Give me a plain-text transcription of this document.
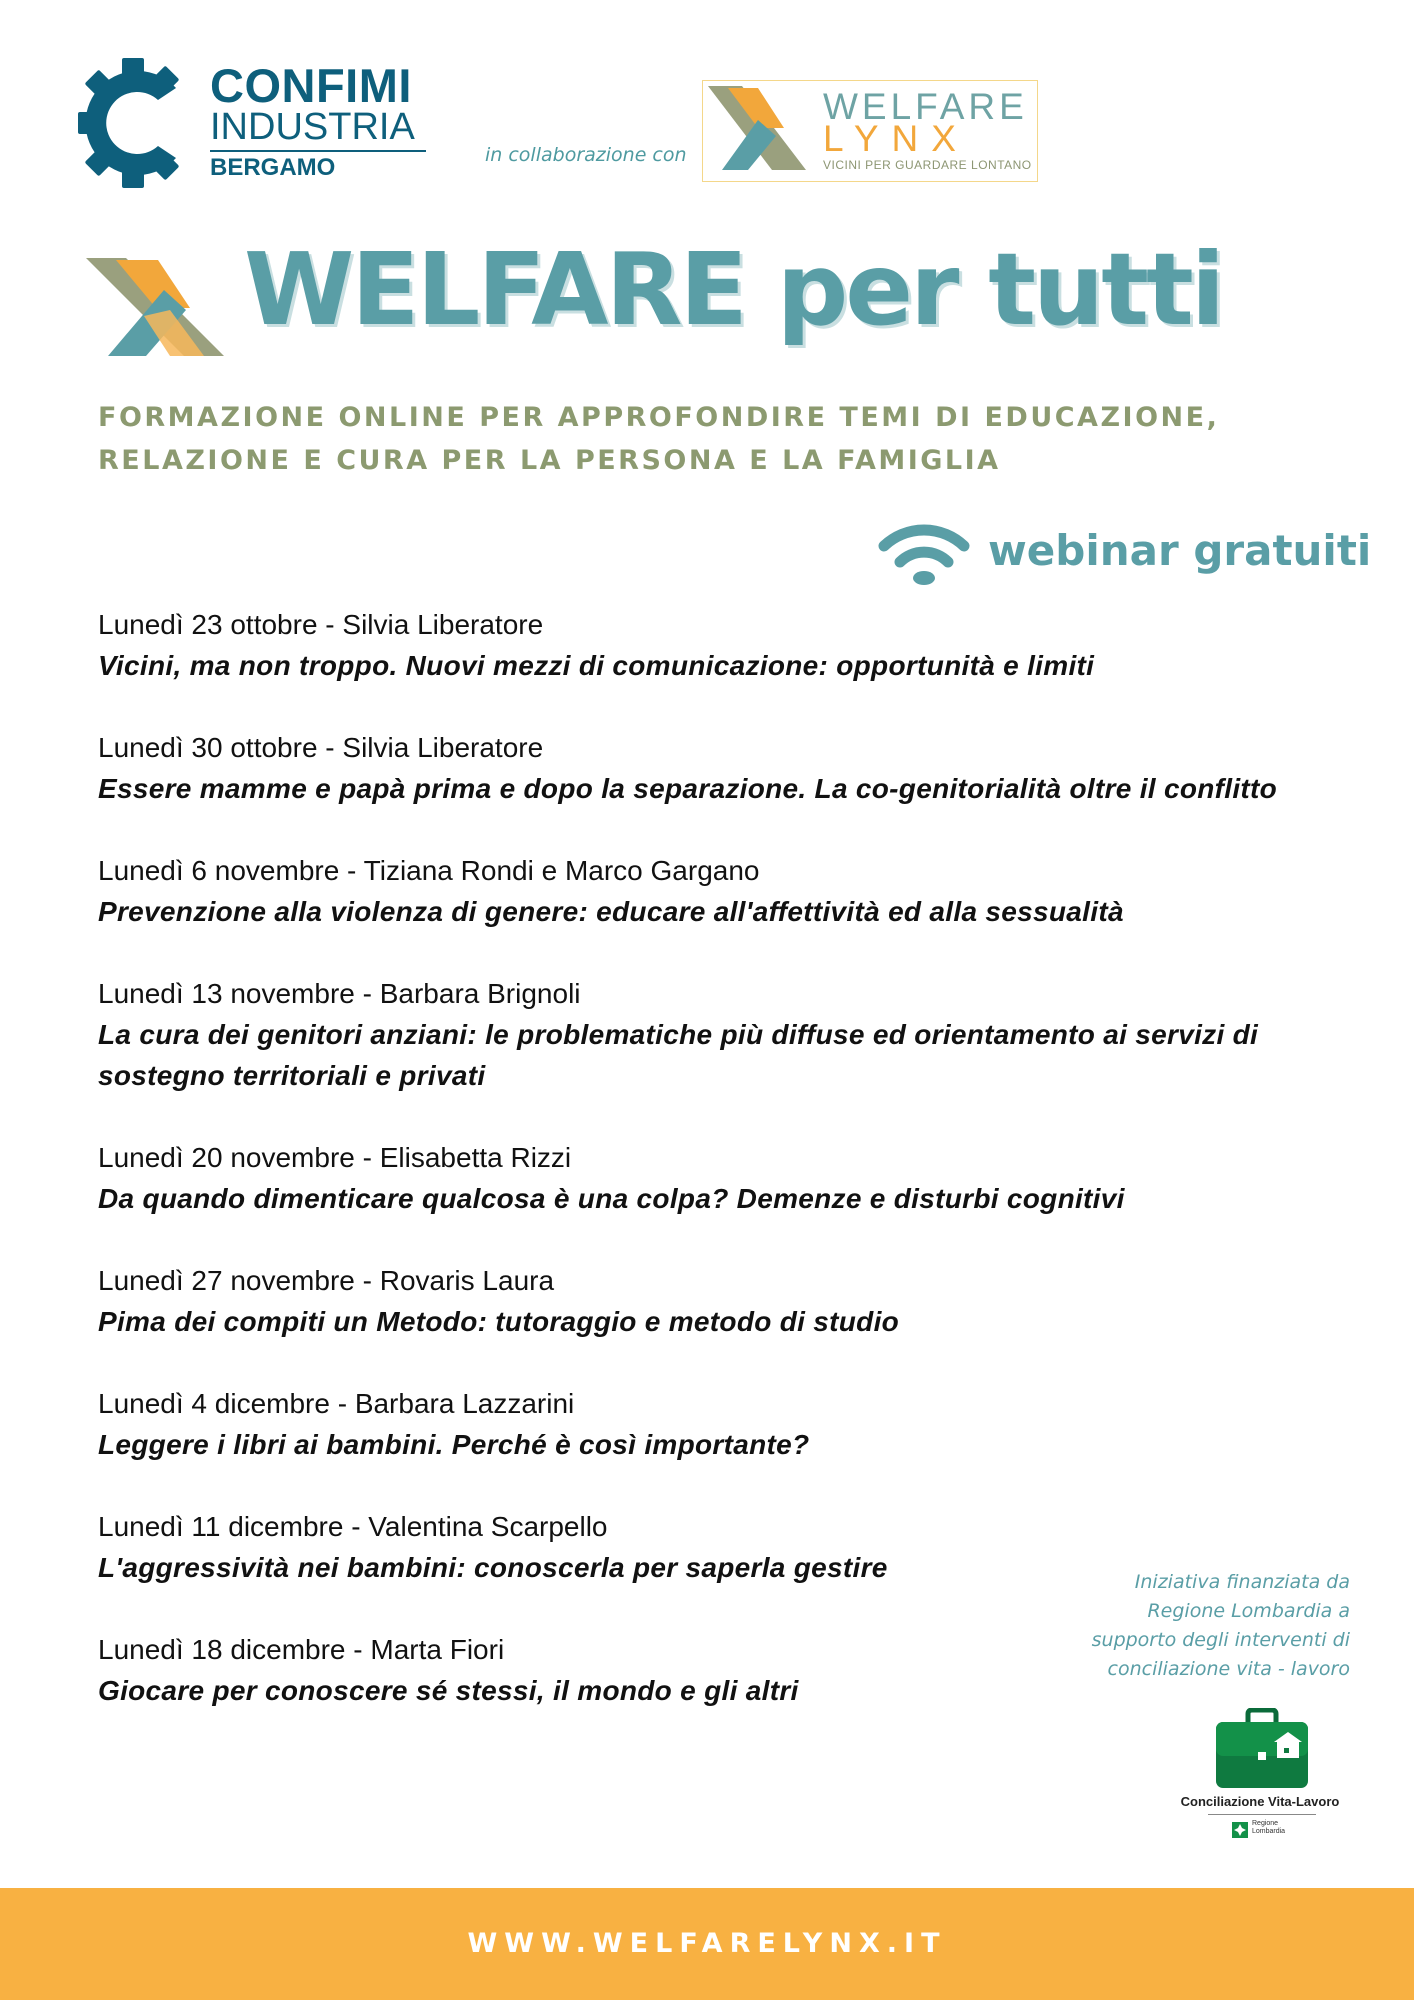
CONFIMI
INDUSTRIA
BERGAMO	in collaborazione con
WELFARE
LYNX
VICINI PER GUARDARE LONTANO
WELFARE per tutti
FORMAZIONE ONLINE PER APPROFONDIRE TEMI DI EDUCAZIONE,
RELAZIONE E CURA PER LA PERSONA E LA FAMIGLIA
webinar gratuiti
Lunedì 23 ottobre - Silvia Liberatore
Vicini, ma non troppo. Nuovi mezzi di comunicazione: opportunità e limiti
Lunedì 30 ottobre - Silvia Liberatore
Essere mamme e papà prima e dopo la separazione. La co-genitorialità oltre il conflitto
Lunedì 6 novembre - Tiziana Rondi e Marco Gargano
Prevenzione alla violenza di genere: educare all'affettività ed alla sessualità
Lunedì 13 novembre - Barbara Brignoli
La cura dei genitori anziani: le problematiche più diffuse ed orientamento ai servizi di sostegno territoriali e privati
Lunedì 20 novembre - Elisabetta Rizzi
Da quando dimenticare qualcosa è una colpa? Demenze e disturbi cognitivi
Lunedì 27 novembre - Rovaris Laura
Pima dei compiti un Metodo: tutoraggio e metodo di studio
Lunedì 4 dicembre - Barbara Lazzarini
Leggere i libri ai bambini. Perché è così importante?
Lunedì 11 dicembre - Valentina Scarpello
L'aggressività nei bambini: conoscerla per saperla gestire
Lunedì 18 dicembre - Marta Fiori
Giocare per conoscere sé stessi, il mondo e gli altri
Iniziativa finanziata da
Regione Lombardia a
supporto degli interventi di
conciliazione vita - lavoro
Conciliazione Vita-Lavoro
Regione
Lombardia
WWW.WELFARELYNX.IT
